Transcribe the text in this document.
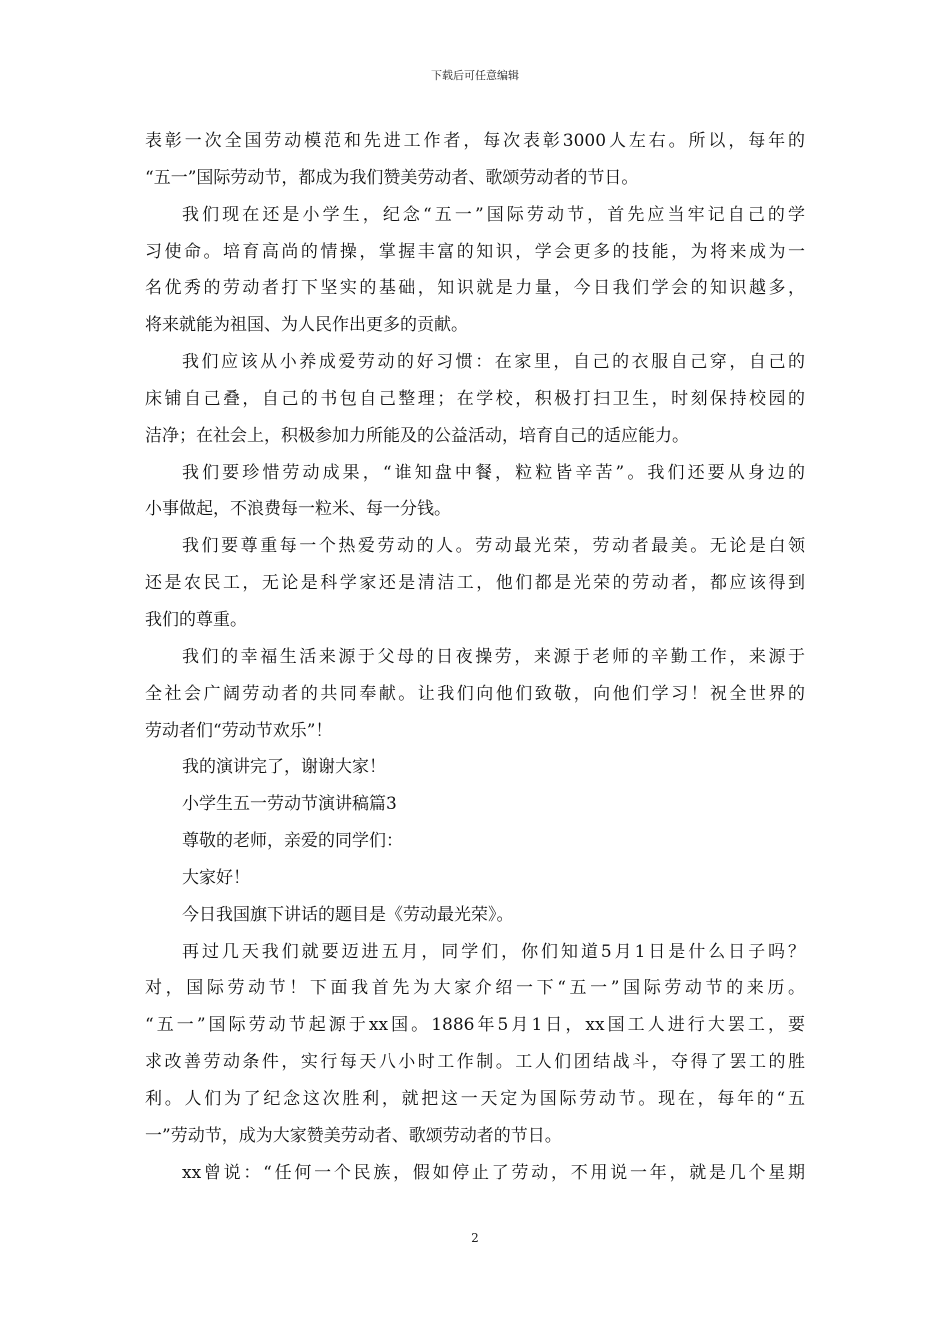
下载后可任意编辑
表彰一次全国劳动模范和先进工作者，每次表彰3000人左右。所以，每年的
“五一”国际劳动节，都成为我们赞美劳动者、歌颂劳动者的节日。
我们现在还是小学生，纪念“五一”国际劳动节，首先应当牢记自己的学
习使命。培育高尚的情操，掌握丰富的知识，学会更多的技能，为将来成为一
名优秀的劳动者打下坚实的基础，知识就是力量，今日我们学会的知识越多，
将来就能为祖国、为人民作出更多的贡献。
我们应该从小养成爱劳动的好习惯：在家里，自己的衣服自己穿，自己的
床铺自己叠，自己的书包自己整理；在学校，积极打扫卫生，时刻保持校园的
洁净；在社会上，积极参加力所能及的公益活动，培育自己的适应能力。
我们要珍惜劳动成果，“谁知盘中餐，粒粒皆辛苦”。我们还要从身边的
小事做起，不浪费每一粒米、每一分钱。
我们要尊重每一个热爱劳动的人。劳动最光荣，劳动者最美。无论是白领
还是农民工，无论是科学家还是清洁工，他们都是光荣的劳动者，都应该得到
我们的尊重。
我们的幸福生活来源于父母的日夜操劳，来源于老师的辛勤工作，来源于
全社会广阔劳动者的共同奉献。让我们向他们致敬，向他们学习！祝全世界的
劳动者们“劳动节欢乐”！
我的演讲完了，谢谢大家！
小学生五一劳动节演讲稿篇3
尊敬的老师，亲爱的同学们：
大家好！
今日我国旗下讲话的题目是《劳动最光荣》。
再过几天我们就要迈进五月，同学们，你们知道5月1日是什么日子吗？
对，国际劳动节！下面我首先为大家介绍一下“五一”国际劳动节的来历。
“五一”国际劳动节起源于xx国。1886年5月1日，xx国工人进行大罢工，要
求改善劳动条件，实行每天八小时工作制。工人们团结战斗，夺得了罢工的胜
利。人们为了纪念这次胜利，就把这一天定为国际劳动节。现在，每年的“五
一”劳动节，成为大家赞美劳动者、歌颂劳动者的节日。
xx曾说：“任何一个民族，假如停止了劳动，不用说一年，就是几个星期
2
